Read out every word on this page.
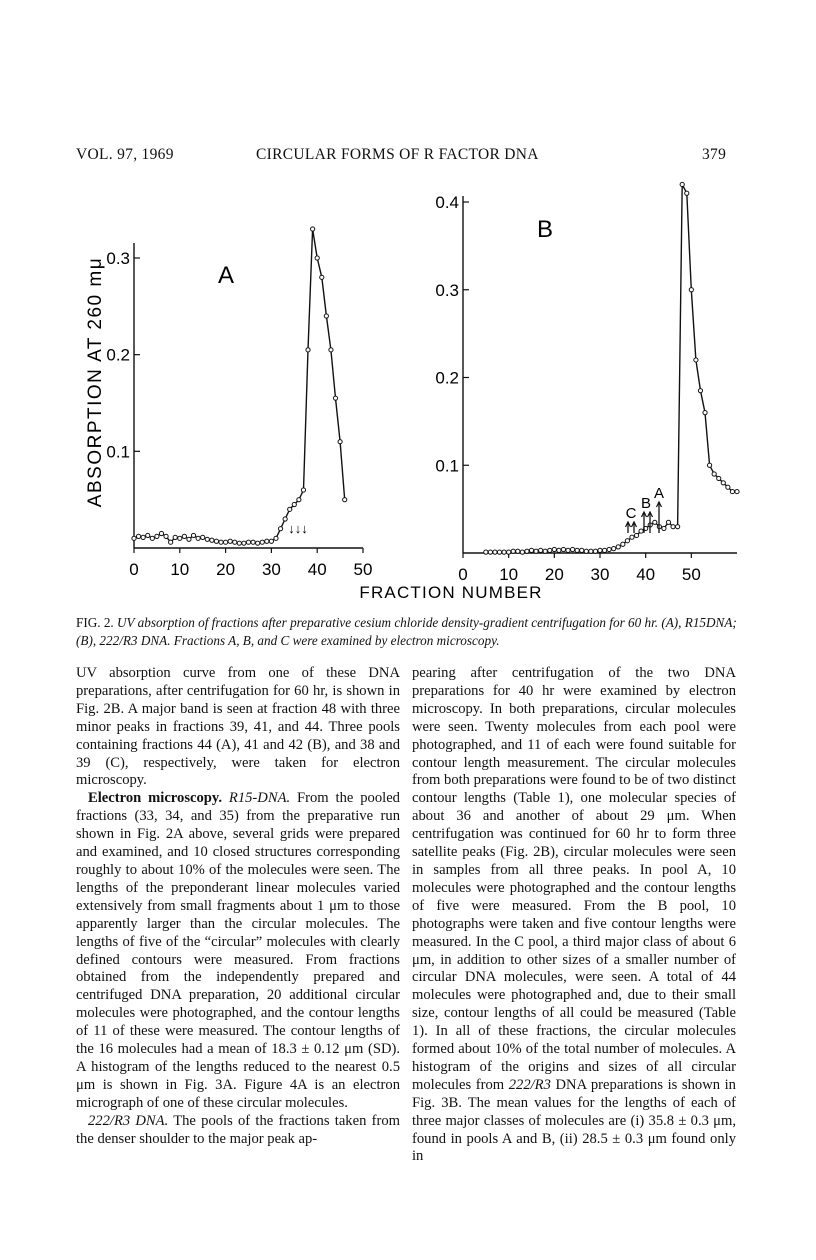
VOL. 97, 1969	CIRCULAR FORMS OF R FACTOR DNA	379
0 10 20 30 40 50
0.1
0.2
0.3
A
↓↓↓
0 10 20 30 40 50
0.1
0.2
0.3
0.4
B
C
B
A
ABSORPTION AT 260 mμ
FRACTION NUMBER
FIG. 2. UV absorption of fractions after preparative cesium chloride density-gradient centrifugation for 60 hr. (A), R15DNA; (B), 222/R3 DNA. Fractions A, B, and C were examined by electron microscopy.

UV absorption curve from one of these DNA preparations, after centrifugation for 60 hr, is shown in Fig. 2B. A major band is seen at fraction 48 with three minor peaks in fractions 39, 41, and 44. Three pools containing fractions 44 (A), 41 and 42 (B), and 38 and 39 (C), respectively, were taken for electron microscopy.

Electron microscopy. R15-DNA. From the pooled fractions (33, 34, and 35) from the preparative run shown in Fig. 2A above, several grids were prepared and examined, and 10 closed structures corresponding roughly to about 10% of the molecules were seen. The lengths of the preponderant linear molecules varied extensively from small fragments about 1 μm to those apparently larger than the circular molecules. The lengths of five of the “circular” molecules with clearly defined contours were measured. From fractions obtained from the independently prepared and centrifuged DNA preparation, 20 additional circular molecules were photographed, and the contour lengths of 11 of these were measured. The contour lengths of the 16 molecules had a mean of 18.3 ± 0.12 μm (SD). A histogram of the lengths reduced to the nearest 0.5 μm is shown in Fig. 3A. Figure 4A is an electron micrograph of one of these circular molecules.

222/R3 DNA. The pools of the fractions taken from the denser shoulder to the major peak ap-

pearing after centrifugation of the two DNA preparations for 40 hr were examined by electron microscopy. In both preparations, circular molecules were seen. Twenty molecules from each pool were photographed, and 11 of each were found suitable for contour length measurement. The circular molecules from both preparations were found to be of two distinct contour lengths (Table 1), one molecular species of about 36 and another of about 29 μm. When centrifugation was continued for 60 hr to form three satellite peaks (Fig. 2B), circular molecules were seen in samples from all three peaks. In pool A, 10 molecules were photographed and the contour lengths of five were measured. From the B pool, 10 photographs were taken and five contour lengths were measured. In the C pool, a third major class of about 6 μm, in addition to other sizes of a smaller number of circular DNA molecules, were seen. A total of 44 molecules were photographed and, due to their small size, contour lengths of all could be measured (Table 1). In all of these fractions, the circular molecules formed about 10% of the total number of molecules. A histogram of the origins and sizes of all circular molecules from 222/R3 DNA preparations is shown in Fig. 3B. The mean values for the lengths of each of three major classes of molecules are (i) 35.8 ± 0.3 μm, found in pools A and B, (ii) 28.5 ± 0.3 μm found only in
